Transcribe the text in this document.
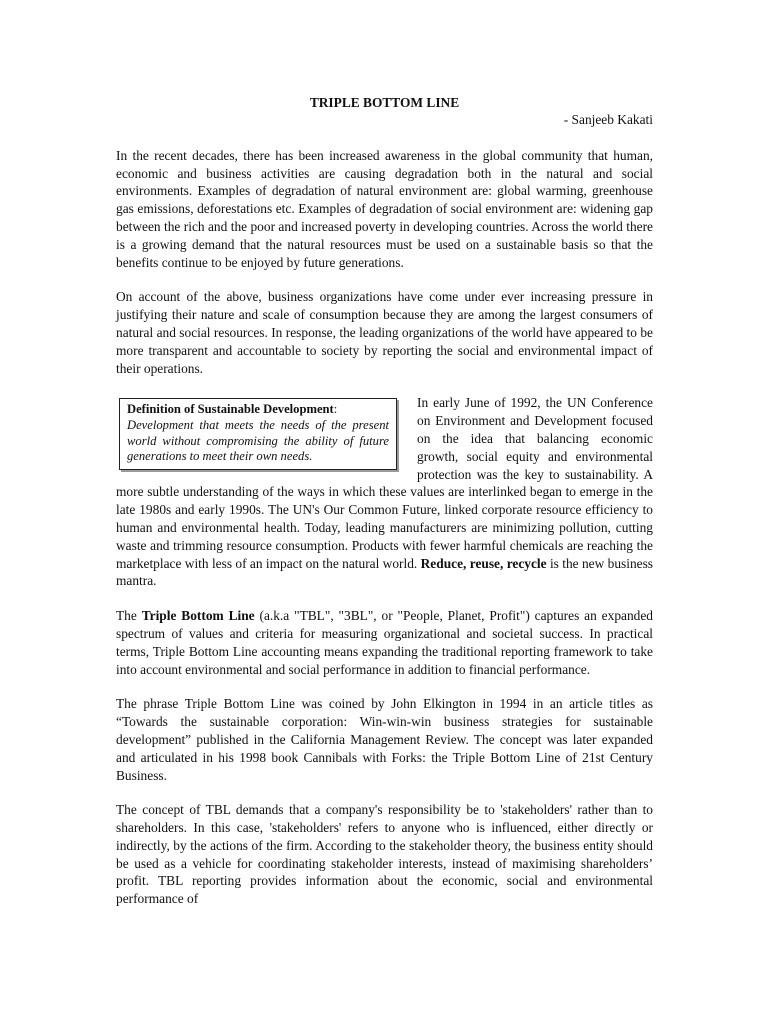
TRIPLE BOTTOM LINE
- Sanjeeb Kakati

In the recent decades, there has been increased awareness in the global community that human, economic and business activities are causing degradation both in the natural and social environments. Examples of degradation of natural environment are: global warming, greenhouse gas emissions, deforestations etc. Examples of degradation of social environment are: widening gap between the rich and the poor and increased poverty in developing countries. Across the world there is a growing demand that the natural resources must be used on a sustainable basis so that the benefits continue to be enjoyed by future generations.

On account of the above, business organizations have come under ever increasing pressure in justifying their nature and scale of consumption because they are among the largest consumers of natural and social resources. In response, the leading organizations of the world have appeared to be more transparent and accountable to society by reporting the social and environmental impact of their operations.

Definition of Sustainable Development:
Development that meets the needs of the present world without compromising the ability of future generations to meet their own needs.
In early June of 1992, the UN Conference on Environment and Development focused on the idea that balancing economic growth, social equity and environmental protection was the key to sustainability. A more subtle understanding of the ways in which these values are interlinked began to emerge in the late 1980s and early 1990s. The UN's Our Common Future, linked corporate resource efficiency to human and environmental health. Today, leading manufacturers are minimizing pollution, cutting waste and trimming resource consumption. Products with fewer harmful chemicals are reaching the marketplace with less of an impact on the natural world. Reduce, reuse, recycle is the new business mantra.

The Triple Bottom Line (a.k.a "TBL", "3BL", or "People, Planet, Profit") captures an expanded spectrum of values and criteria for measuring organizational and societal success. In practical terms, Triple Bottom Line accounting means expanding the traditional reporting framework to take into account environmental and social performance in addition to financial performance.

The phrase Triple Bottom Line was coined by John Elkington in 1994 in an article titles as “Towards the sustainable corporation: Win-win-win business strategies for sustainable development” published in the California Management Review. The concept was later expanded and articulated in his 1998 book Cannibals with Forks: the Triple Bottom Line of 21st Century Business.

The concept of TBL demands that a company's responsibility be to 'stakeholders' rather than to shareholders. In this case, 'stakeholders' refers to anyone who is influenced, either directly or indirectly, by the actions of the firm. According to the stakeholder theory, the business entity should be used as a vehicle for coordinating stakeholder interests, instead of maximising shareholders’ profit. TBL reporting provides information about the economic, social and environmental performance of
